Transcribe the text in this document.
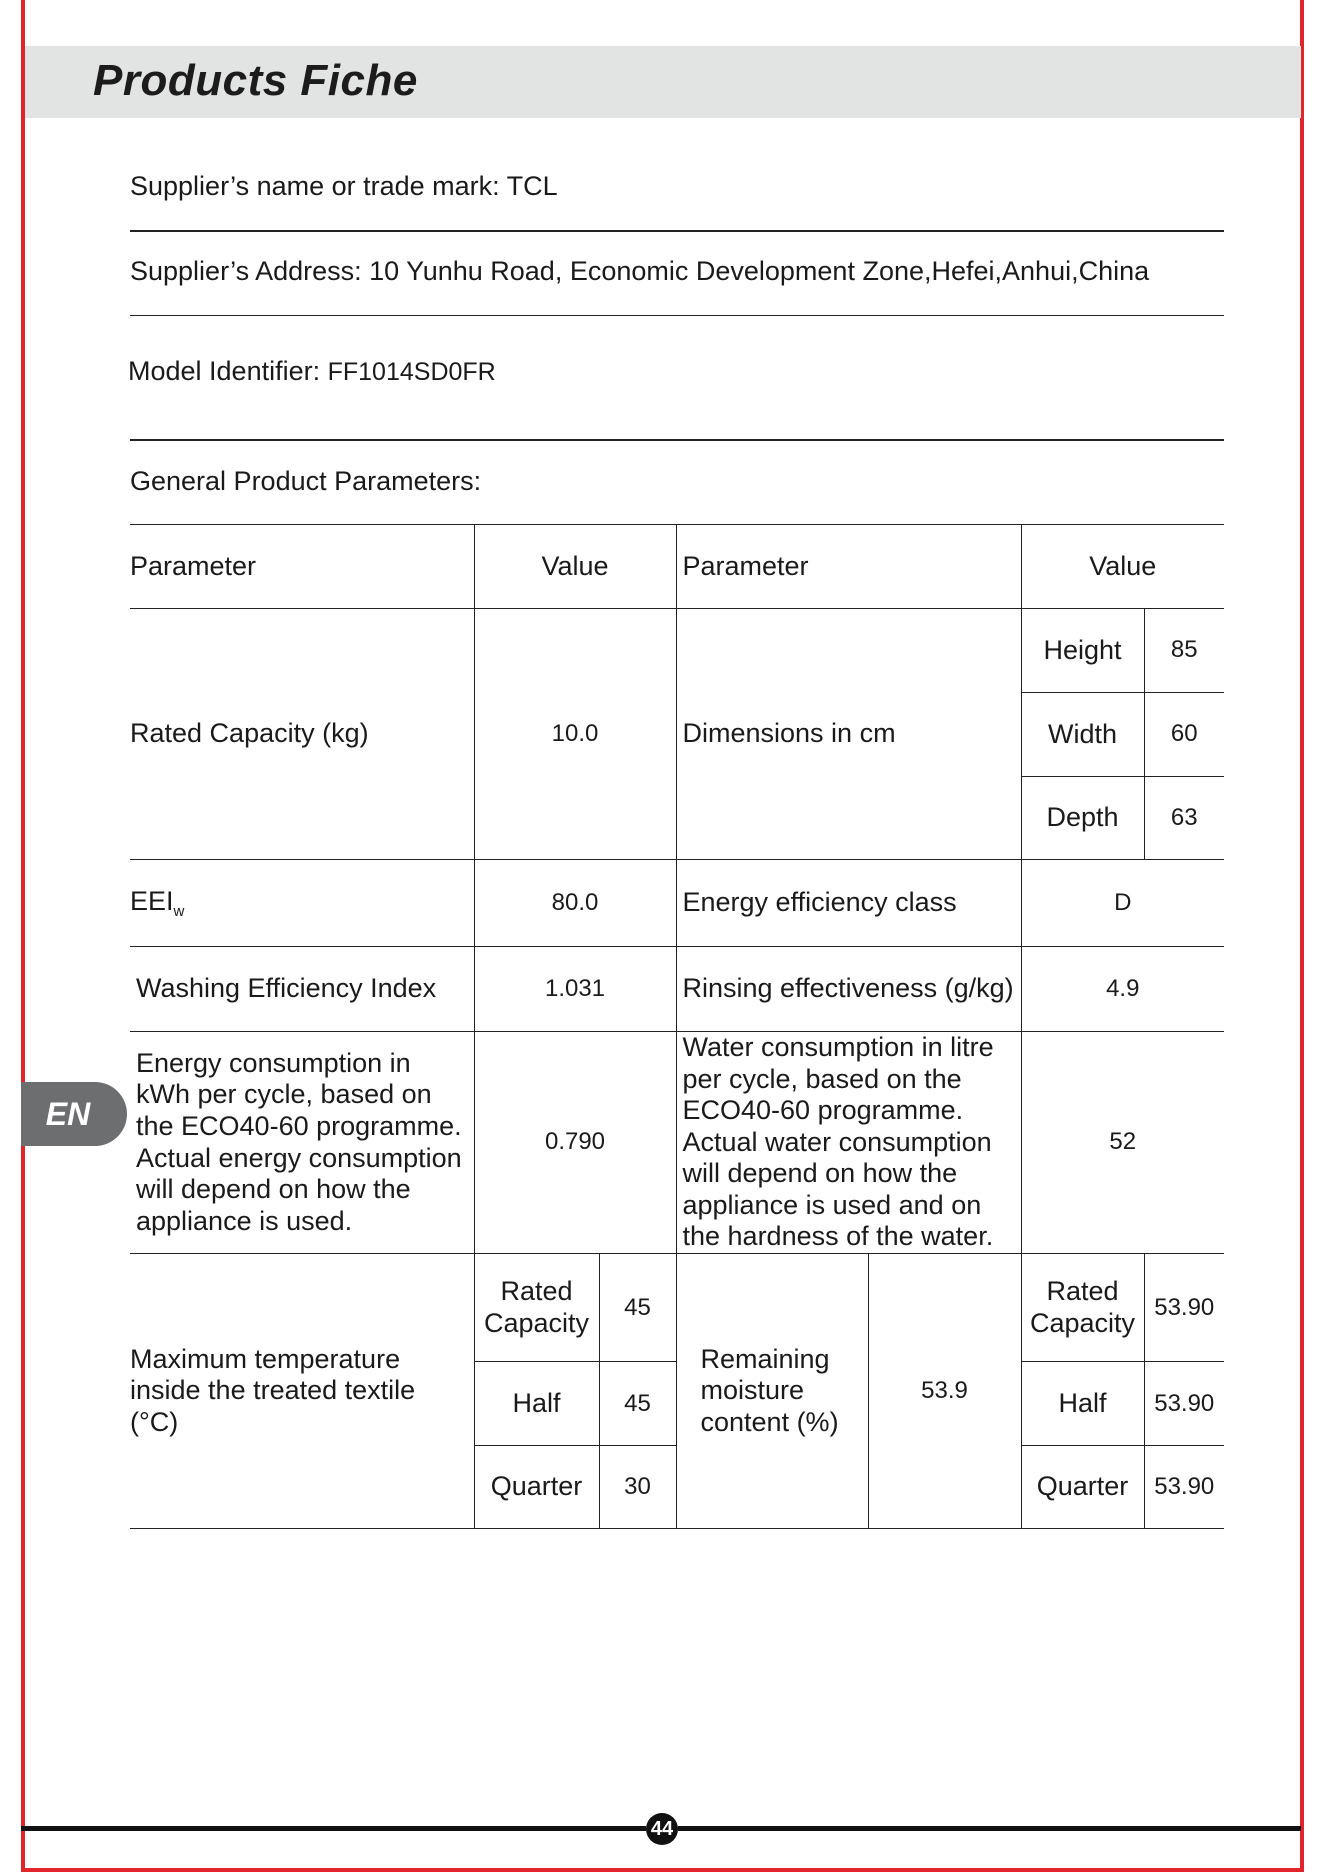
Products Fiche
Supplier’s name or trade mark: TCL
Supplier’s Address: 10 Yunhu Road, Economic Development Zone,Hefei,Anhui,China
Model Identifier: FF1014SD0FR
General Product Parameters:
EN
Parameter	Value		Parameter		Value	
Rated Capacity (kg)	10.0		Dimensions in cm		Height	85
					Width	60
					Depth	63
$EEI_w$	80.0		Energy efficiency class		D	
Washing Efficiency Index	1.031		Rinsing effectiveness (g/kg)		4.9	
Energy consumption in kWh per cycle, based on the ECO40-60 programme. Actual energy consumption will depend on how the appliance is used.	0.790		Water consumption in litre per cycle, based on the ECO40-60 programme. Actual water consumption will depend on how the appliance is used and on the hardness of the water.		52	
Maximum temperature inside the treated textile (°C)	Rated Capacity	45	Remaining moisture content (%)	53.9	Rated Capacity	53.90
	Half	45			Half	53.90
	Quarter	30			Quarter	53.90
44
